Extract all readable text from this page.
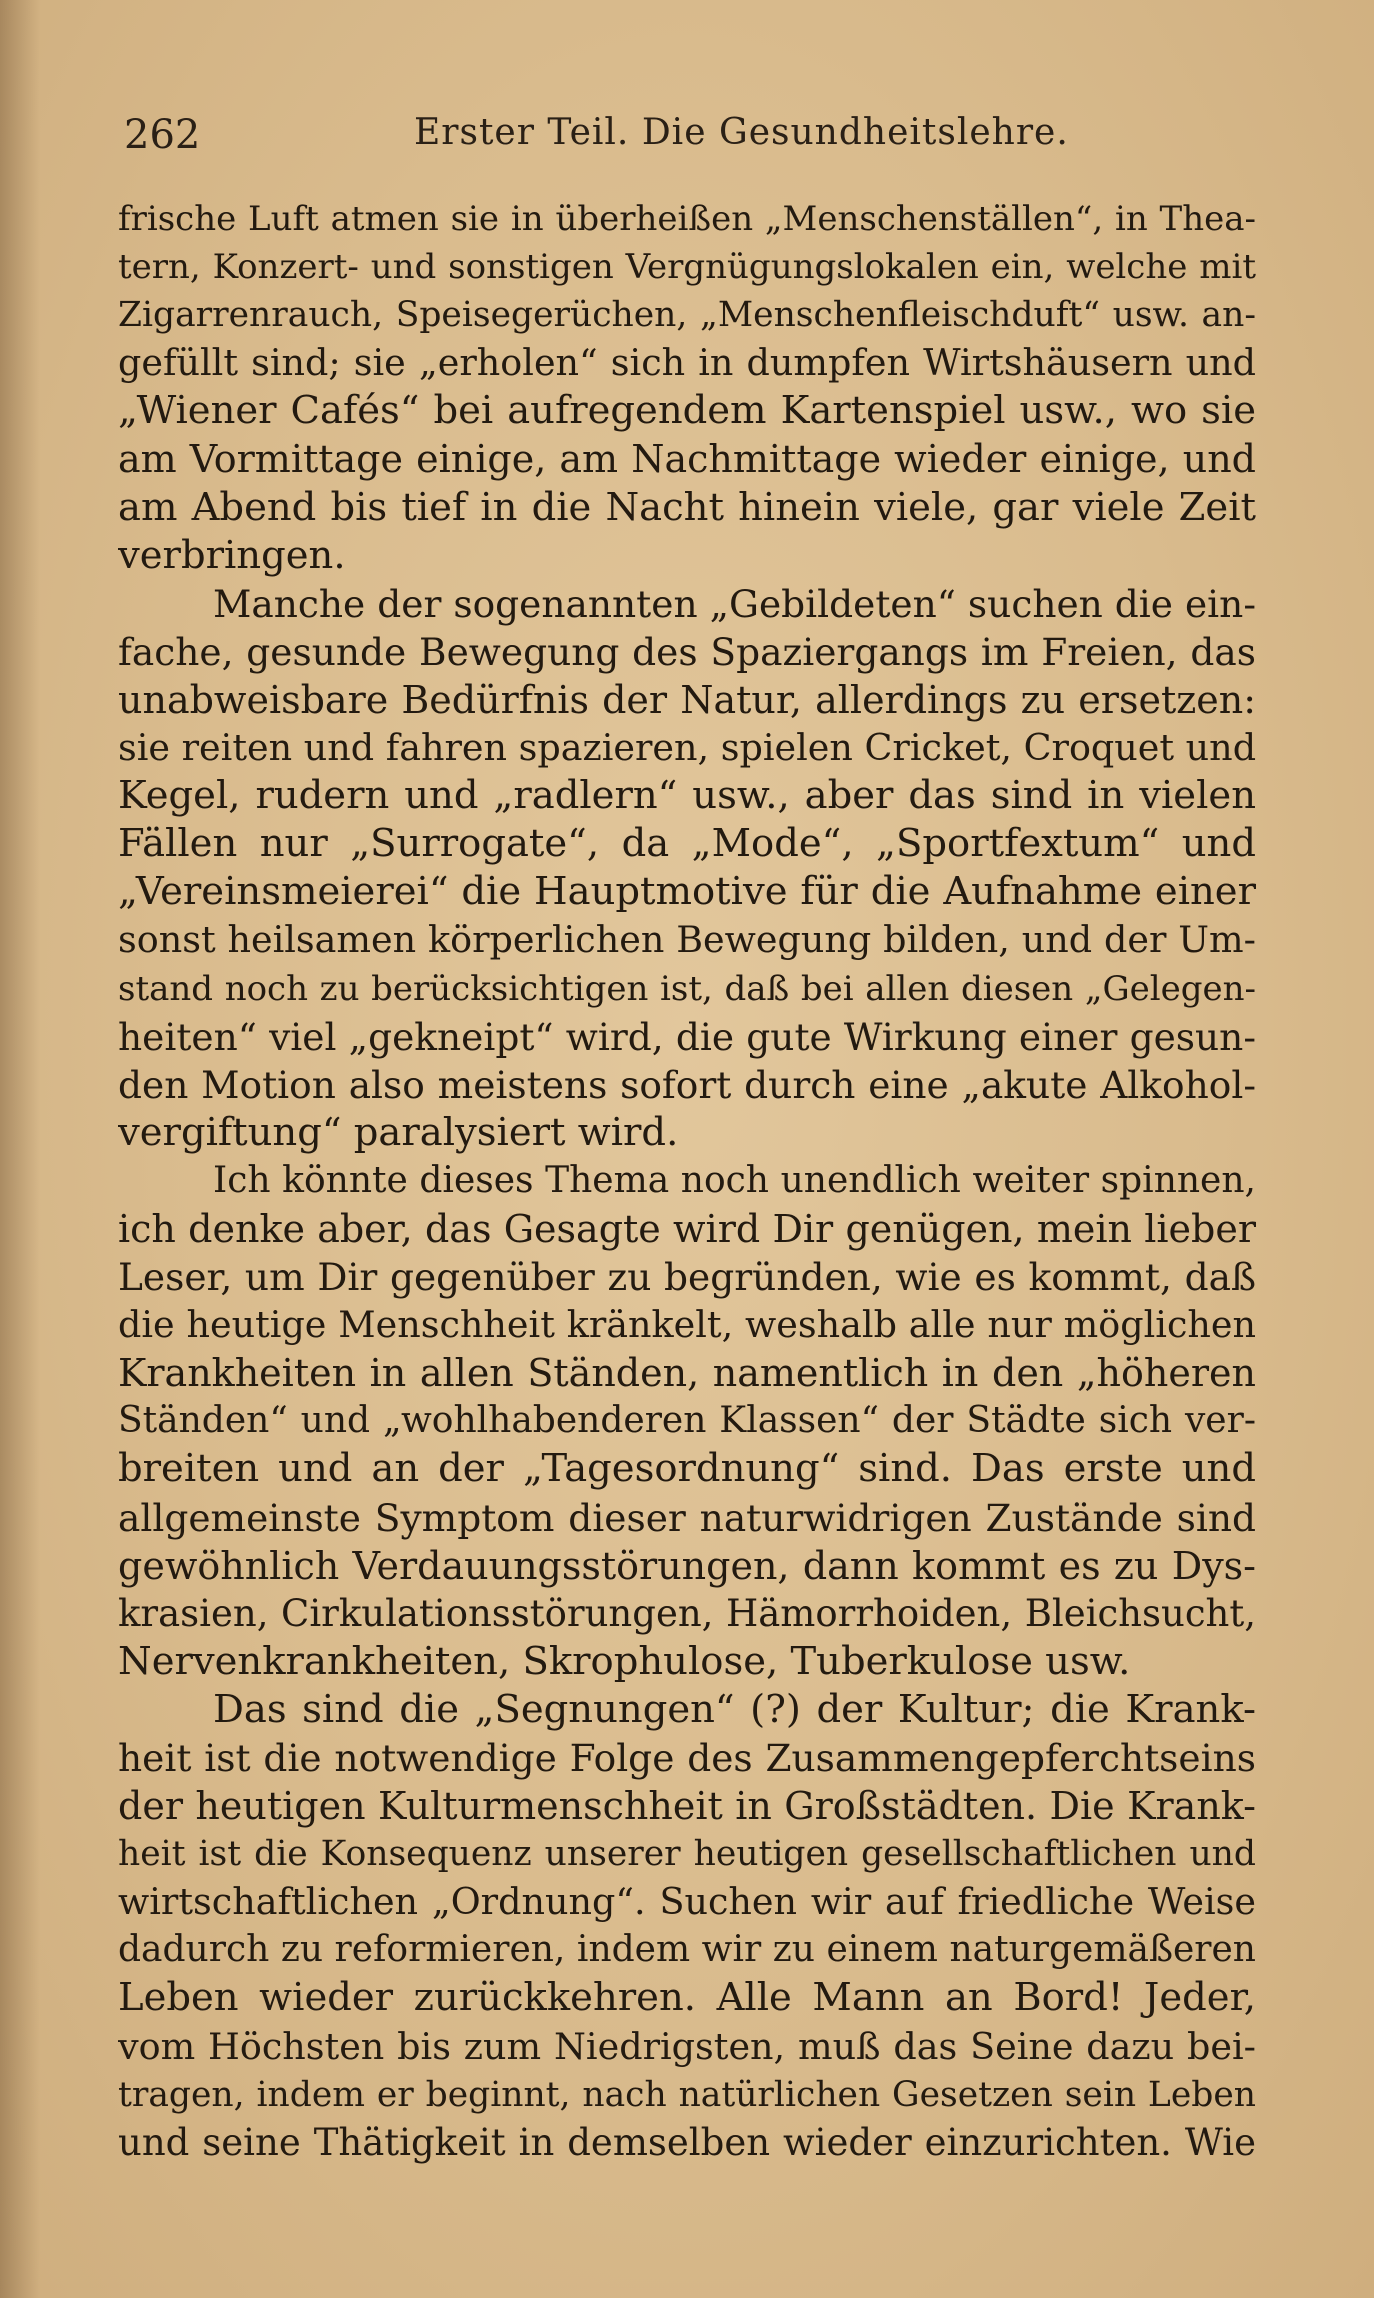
262	Erster Teil. Die Gesundheitslehre.
frische Luft atmen sie in überheißen „Menschenställen“, in Thea-
tern, Konzert- und sonstigen Vergnügungslokalen ein, welche mit
Zigarrenrauch, Speisegerüchen, „Menschenfleischduft“ usw. an-
gefüllt sind; sie „erholen“ sich in dumpfen Wirtshäusern und
„Wiener Cafés“ bei aufregendem Kartenspiel usw., wo sie
am Vormittage einige, am Nachmittage wieder einige, und
am Abend bis tief in die Nacht hinein viele, gar viele Zeit
verbringen.
Manche der sogenannten „Gebildeten“ suchen die ein-
fache, gesunde Bewegung des Spaziergangs im Freien, das
unabweisbare Bedürfnis der Natur, allerdings zu ersetzen:
sie reiten und fahren spazieren, spielen Cricket, Croquet und
Kegel, rudern und „radlern“ usw., aber das sind in vielen
Fällen nur „Surrogate“, da „Mode“, „Sportfextum“ und
„Vereinsmeierei“ die Hauptmotive für die Aufnahme einer
sonst heilsamen körperlichen Bewegung bilden, und der Um-
stand noch zu berücksichtigen ist, daß bei allen diesen „Gelegen-
heiten“ viel „gekneipt“ wird, die gute Wirkung einer gesun-
den Motion also meistens sofort durch eine „akute Alkohol-
vergiftung“ paralysiert wird.
Ich könnte dieses Thema noch unendlich weiter spinnen,
ich denke aber, das Gesagte wird Dir genügen, mein lieber
Leser, um Dir gegenüber zu begründen, wie es kommt, daß
die heutige Menschheit kränkelt, weshalb alle nur möglichen
Krankheiten in allen Ständen, namentlich in den „höheren
Ständen“ und „wohlhabenderen Klassen“ der Städte sich ver-
breiten und an der „Tagesordnung“ sind. Das erste und
allgemeinste Symptom dieser naturwidrigen Zustände sind
gewöhnlich Verdauungsstörungen, dann kommt es zu Dys-
krasien, Cirkulationsstörungen, Hämorrhoiden, Bleichsucht,
Nervenkrankheiten, Skrophulose, Tuberkulose usw.
Das sind die „Segnungen“ (?) der Kultur; die Krank-
heit ist die notwendige Folge des Zusammengepferchtseins
der heutigen Kulturmenschheit in Großstädten. Die Krank-
heit ist die Konsequenz unserer heutigen gesellschaftlichen und
wirtschaftlichen „Ordnung“. Suchen wir auf friedliche Weise
dadurch zu reformieren, indem wir zu einem naturgemäßeren
Leben wieder zurückkehren. Alle Mann an Bord! Jeder,
vom Höchsten bis zum Niedrigsten, muß das Seine dazu bei-
tragen, indem er beginnt, nach natürlichen Gesetzen sein Leben
und seine Thätigkeit in demselben wieder einzurichten. Wie
